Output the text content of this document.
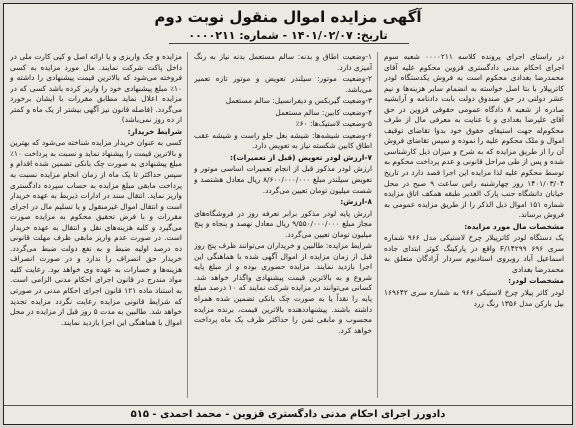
آگهی مزایده اموال منقول نوبت دوم
تاریخ: ۱۴۰۱/۰۲/۰۷ - شماره: ۰۰۰۰۲۱۱

در راستای اجرای پرونده کلاسه ۰۰۰۰۲۱۱ شعبه سوم اجرای احکام مدنی دادگستری قزوین محکوم علیه آقای محمدرضا بغدادی محکوم است به فروش یکدستگاه لودر کاترپیلار با بتا اصل خواسته به انضمام سایر هزینه‌ها و نیم عشر دولتی در حق صندوق دولت بابت دادنامه و آرایشیه صادره از شعبه ۸ دادگاه عمومی حقوقی قزوین در حق آقای علیرضا بغدادی و با عنایت به معرفی مال از طرف محکوم‌له جهت استیفای حقوق خود بدوا تقاضای توقیف اموال و ملک محکوم علیه را نموده و سپس تقاضای فروش آن را از طریق مزایده که به شرح و میزان ذیل کارشناسی شده و پس از طی مراحل قانونی و عدم پرداخت محکوم به توسط محکوم علیه لذا مزایده این اجرا قصد دارد در تاریخ ۱۴۰۱/۰۳/۰۴ روز چهارشنبه راس ساعت ۹ صبح در محل خیابان دانشگاه جنب پارک الغدیر طبقه همکف اتاق مزایده شماره ۱۵۱ اموال ذیل الذکر را از طریق مزایده عمومی به فروش برساند.

مشخصات مال مورد مزایده:

یک دستگاه لودر کاترپیلار چرخ لاستیکی مدل ۹۶۶ شماره سری ۶۹۶ F/۱۴۲۹۹ واقع در پارکینگ کوثر ابتدای جاده اسماعیل آباد روبروی استادیوم سردار آزادگان متعلق به محمدرضا بغدادی

مشخصات لودر:

لودر کاتر پیلار چرخ لاستیکی ۹۶۶ به شماره سری ۱۶۹۶۴۲ بیل بارکن مدل ۱۳۵۶ رنگ زرد

۱-وضعیت اطاق و بدنه: سالم مستعمل بدنه نیاز به رنگ آمیزی دارد.

۲-وضعیت موتور: سیلندر تعویض و موتور تازه تعمیر می‌باشد.

۳-وضعیت گیربکس و دیفرانسیل: سالم مستعمل

۴-وضعیت کابین: سالم مستعمل

۵-وضعیت لاستیک‌ها: ۶۰٪

۶-وضعیت شیشه‌ها: شیشه بغل جلو راست و شیشه عقب اطاق کابین شکسته نیاز به تعویض دارد.

۷-ارزش لودر تعویض (قبل از تعمیرات):

ارزش لودر مذکور قبل از انجام تعمیرات اساسی موتور و تعویض سیلندر مبلغ ۸/۶۰۰/۰۰۰/۰۰۰ ریال معادل هشتصد و شصت میلیون تومان تعیین می‌گردد.

۸-ارزش:

ارزش پایه لودر مذکور برابر تعرفه روز در فروشگاه‌های مجاز مبلغ ۹/۵۵۰/۰۰۰/۰۰۰ ریال معادل نهصد و پنجاه و پنج میلیون تومان تعیین می‌گردد.

شرایط مزایده: طالبین و خریداران می‌توانند ظرف پنج روز قبل از زمان مزایده از اموال آگهی شده با هماهنگی این اجرا بازدید نمایند. مزایده حضوری بوده و از مبلغ پایه شروع و به بالاترین قیمت پیشنهادی واگذار خواهد شد. کسانی می‌توانند در مزایده شرکت نمایند که ۱۰ درصد مبلغ پایه را نقداً یا به صورت چک بانکی تضمین شده همراه داشته باشند. پیشنهاددهنده بالاترین قیمت، برنده مزایده محسوب و مابقی ثمن را حداکثر ظرف یک ماه پرداخت خواهد کرد.

مزایده و چک واریزی و یا ارائه اصل و کپی کارت ملی در داخل پاکت شرکت نمایند. مال مورد مزایده به کسی فروخته می‌شود که بالاترین قیمت پیشنهادی را داشته و ۱۰٪ مبلغ پیشنهادی خود را واریز کرده باشد کسی که در مزایده اعلال نماید مطابق مقررات با ایشان برخورد می‌گردد. (فاصله قانون نیز آگهی بیشتر از یک ماه و کمتر از ده روز نمی‌باشد)

شرایط خریدار:

کسی به عنوان خریدار مزایده شناخته می‌شود که بهترین و بالاترین قیمت را پیشنهاد نماید و نسبت به پرداخت ۱۰٪ مبلغ پیشنهادی به صورت چک بانکی تضمین شده اقدام و سپس حداکثر تا یک ماه از زمان انجام مزایده نسبت به پرداخت مابقی مبلغ مزایده به حساب سپرده دادگستری واریز نماید. انتقال سند در ادارات ذیربط به عهده خریدار است و انتقال اموال غیرمنقول و یا تسلیم مال در اجرای مقررات و با فرض تحقیق محکوم به مزایده صورت می‌گیرد و کلیه هزینه‌های نقل و انتقال به عهده خریدار است. در صورت عدم واریز مابقی ظرف مهلت قانونی ده درصد اولیه ضبط و به نفع دولت ضبط می‌گردد. خریدار حق انصراف را ندارد و در صورت انصراف هزینه‌ها و خسارات به عهده وی خواهد بود. رعایت کلیه مواد مندرج در قانون اجرای احکام مدنی الزامی است. به استناد ماده ۱۲۱ قانون اجرای احکام مدنی در صورتی که شرایط قانونی مزایده رعایت نگردد مزایده تجدید خواهد شد. طالبین به مدت ۵ روز قبل از مزایده در محل اموال با هماهنگی این اجرا بازدید نمایند.

دادورز اجرای احکام مدنی دادگستری قزوین - محمد احمدی - ۵۱۵
